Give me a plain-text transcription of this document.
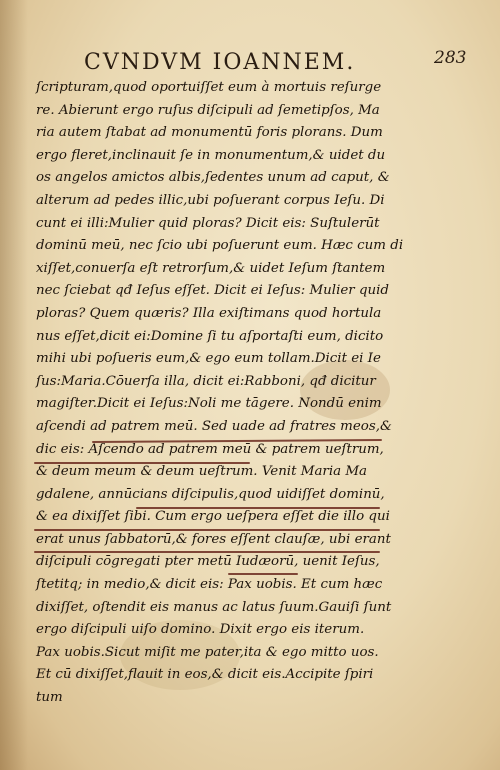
CVNDVM IOANNEM.	283
ſcripturam,quod oportuiſſet eum à mortuis reſurge
re. Abierunt ergo ruſus diſcipuli ad ſemetipſos, Ma
ria autem ſtabat ad monumentū foris plorans. Dum
ergo fleret,inclinauit ſe in monumentum,& uidet du
os angelos amictos albis,ſedentes unum ad caput, &
alterum ad pedes illic,ubi poſuerant corpus Ieſu. Di
cunt ei illi:Mulier quid ploras? Dicit eis: Suſtulerūt
dominū meū, nec ſcio ubi poſuerunt eum. Hæc cum di
xiſſet,conuerſa eſt retrorſum,& uidet Ieſum ſtantem
nec ſciebat qđ Ieſus eſſet. Dicit ei Ieſus: Mulier quid
ploras? Quem quæris? Illa exiſtimans quod hortula
nus eſſet,dicit ei:Domine ſi tu aſportaſti eum, dicito
mihi ubi poſueris eum,& ego eum tollam.Dicit ei Ie
ſus:Maria.Cōuerſa illa, dicit ei:Rabboni, qđ dicitur
magiſter.Dicit ei Ieſus:Noli me tāgere. Nondū enim
aſcendi ad patrem meū. Sed uade ad fratres meos,&
dic eis: Aſcendo ad patrem meū & patrem ueſtrum,
& deum meum & deum ueſtrum. Venit Maria Ma
gdalene, annūcians diſcipulis,quod uidiſſet dominū,
& ea dixiſſet ſibi. Cum ergo ueſpera eſſet die illo qui
erat unus ſabbatorū,& fores eſſent clauſæ, ubi erant
diſcipuli cōgregati pter metū Iudæorū, uenit Ieſus,
ſtetitq; in medio,& dicit eis: Pax uobis. Et cum hæc
dixiſſet, oſtendit eis manus ac latus ſuum.Gauiſi ſunt
ergo diſcipuli uiſo domino. Dixit ergo eis iterum.
Pax uobis.Sicut miſit me pater,ita & ego mitto uos.
Et cū dixiſſet,flauit in eos,& dicit eis.Accipite ſpiri
tum
